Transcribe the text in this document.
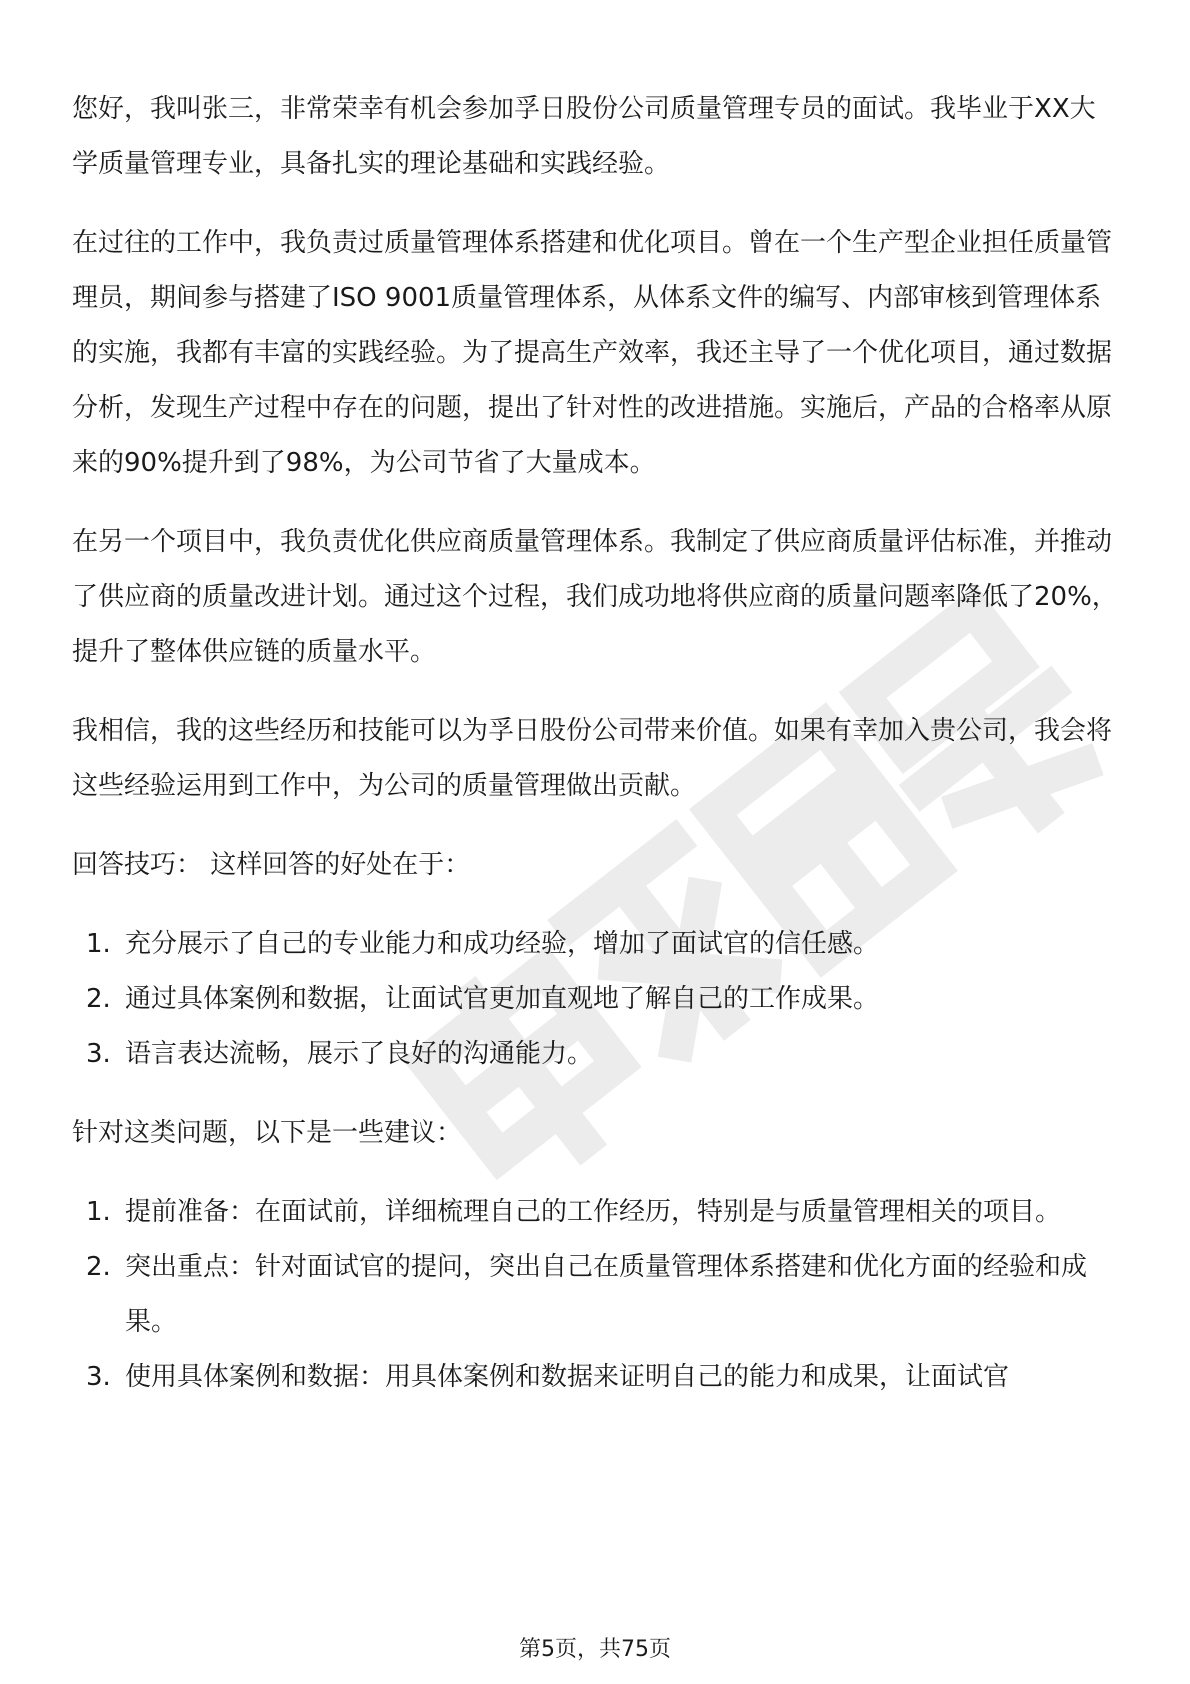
您好，我叫张三，非常荣幸有机会参加孚日股份公司质量管理专员的面试。我毕业于XX大学质量管理专业，具备扎实的理论基础和实践经验。

在过往的工作中，我负责过质量管理体系搭建和优化项目。曾在一个生产型企业担任质量管理员，期间参与搭建了ISO 9001质量管理体系，从体系文件的编写、内部审核到管理体系的实施，我都有丰富的实践经验。为了提高生产效率，我还主导了一个优化项目，通过数据分析，发现生产过程中存在的问题，提出了针对性的改进措施。实施后，产品的合格率从原来的90%提升到了98%，为公司节省了大量成本。

在另一个项目中，我负责优化供应商质量管理体系。我制定了供应商质量评估标准，并推动了供应商的质量改进计划。通过这个过程，我们成功地将供应商的质量问题率降低了20%，提升了整体供应链的质量水平。

我相信，我的这些经历和技能可以为孚日股份公司带来价值。如果有幸加入贵公司，我会将这些经验运用到工作中，为公司的质量管理做出贡献。

回答技巧： 这样回答的好处在于：

1. 充分展示了自己的专业能力和成功经验，增加了面试官的信任感。
2. 通过具体案例和数据，让面试官更加直观地了解自己的工作成果。
3. 语言表达流畅，展示了良好的沟通能力。

针对这类问题，以下是一些建议：

1. 提前准备：在面试前，详细梳理自己的工作经历，特别是与质量管理相关的项目。
2. 突出重点：针对面试官的提问，突出自己在质量管理体系搭建和优化方面的经验和成果。
3. 使用具体案例和数据：用具体案例和数据来证明自己的能力和成果，让面试官
第5页，共75页
